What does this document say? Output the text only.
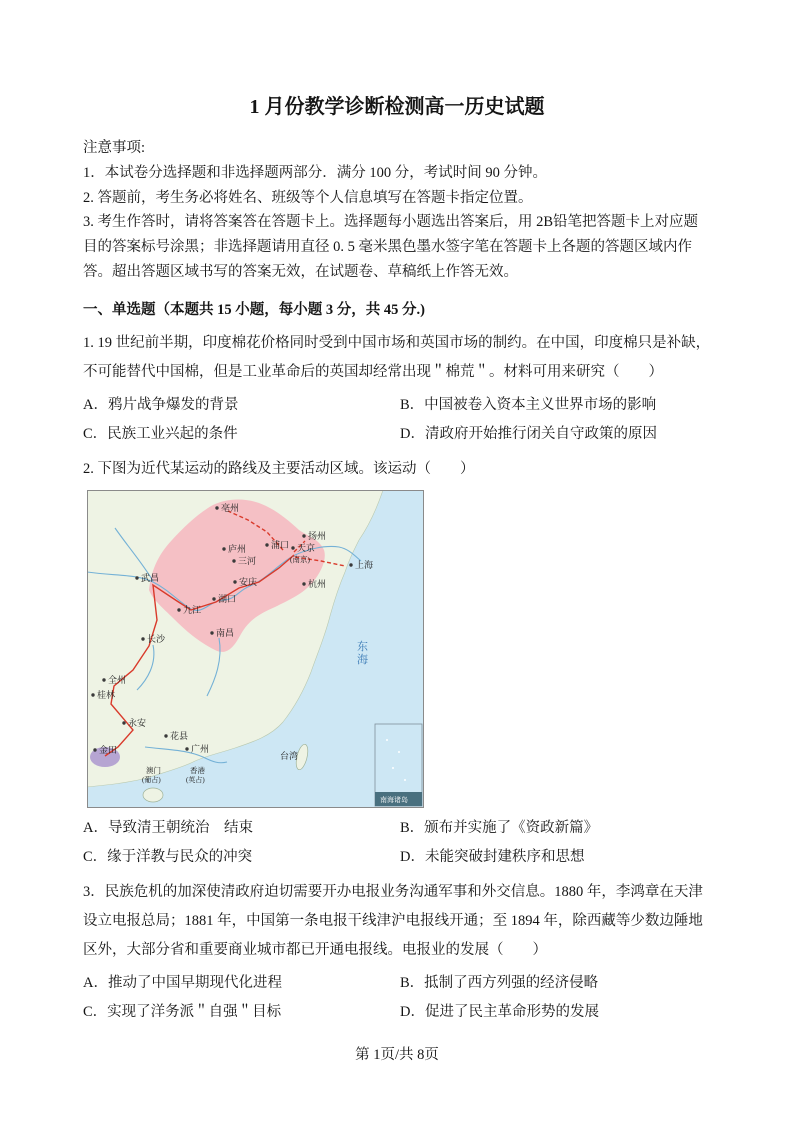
1 月份教学诊断检测高一历史试题

注意事项:

1．本试卷分选择题和非选择题两部分．满分 100 分，考试时间 90 分钟。

2. 答题前，考生务必将姓名、班级等个人信息填写在答题卡指定位置。

3. 考生作答时，请将答案答在答题卡上。选择题每小题选出答案后，用 2B铅笔把答题卡上对应题目的答案标号涂黑；非选择题请用直径 0. 5 毫米黑色墨水签字笔在答题卡上各题的答题区域内作答。超出答题区域书写的答案无效，在试题卷、草稿纸上作答无效。

一、单选题（本题共 15 小题，每小题 3 分，共 45 分.)

1. 19 世纪前半期，印度棉花价格同时受到中国市场和英国市场的制约。在中国，印度棉只是补缺，不可能替代中国棉，但是工业革命后的英国却经常出现＂棉荒＂。材料可用来研究（　　）

A．鸦片战争爆发的背景	B．中国被卷入资本主义世界市场的影响
C．民族工业兴起的条件	D．清政府开始推行闭关自守政策的原因

2. 下图为近代某运动的路线及主要活动区域。该运动（　　）

亳州
扬州
浦口 天京
(南京)
庐州
三河	上海
武昌	安庆	杭州
湖口
九江
南昌
长沙
全州
桂林
永安
花县
广州
金田
澳门
(葡占)
香港
(英占)
台湾
东海
南海诸岛
A．导致清王朝统治　结束	B．颁布并实施了《资政新篇》
C．缘于洋教与民众的冲突	D．未能突破封建秩序和思想

3．民族危机的加深使清政府迫切需要开办电报业务沟通军事和外交信息。1880 年，李鸿章在天津设立电报总局；1881 年，中国第一条电报干线津沪电报线开通；至 1894 年，除西藏等少数边陲地区外，大部分省和重要商业城市都已开通电报线。电报业的发展（　　）

A．推动了中国早期现代化进程	B．抵制了西方列强的经济侵略
C．实现了洋务派＂自强＂目标	D．促进了民主革命形势的发展

第 1页/共 8页
